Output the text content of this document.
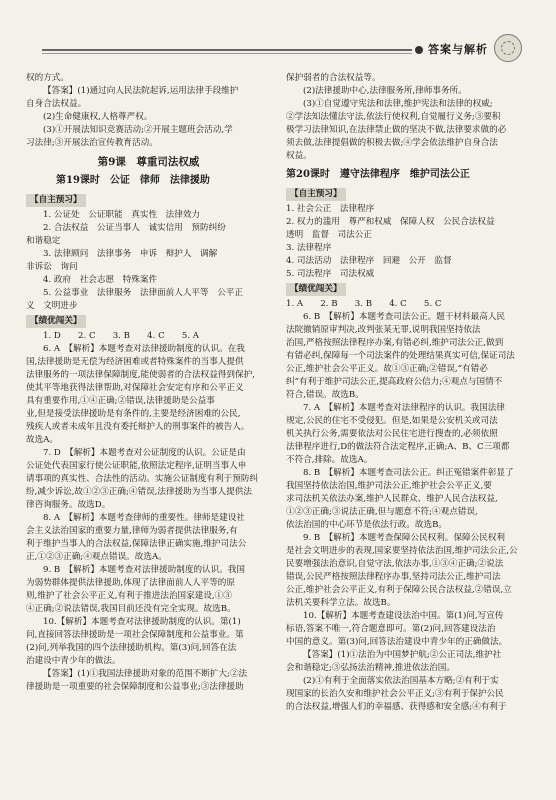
答案与解析
权的方式。
【答案】(1)通过向人民法院起诉,运用法律手段维护
自身合法权益。
(2)生命健康权,人格尊严权。
(3)①开展法知识竞赛活动;②开展主题班会活动,学
习法律;③开展法治宣传教育活动。
第9课　尊重司法权威
第19课时　公证　律师　法律援助
【自主预习】
1. 公证处　公证职能　真实性　法律效力
2. 合法权益　公证当事人　诚实信用　预防纠纷
和谐稳定
3. 法律顾问　法律事务　申诉　辩护人　调解
非诉讼　询问
4. 政府　社会志愿　特殊案件
5. 公益事业　法律服务　法律面前人人平等　公平正
义　文明进步
【绩优闯关】
1. D　　2. C　　3. B　　4. C　　5. A
6. A　【解析】本题考查对法律援助制度的认识。在我
国,法律援助是无偿为经济困难或者特殊案件的当事人提供
法律服务的一项法律保障制度,能使弱者的合法权益得到保护,
使其平等地获得法律帮助,对保障社会安定有序和公平正义
具有重要作用,①④正确;②错误,法律援助是公益事
业,但是接受法律援助是有条件的,主要是经济困难的公民,
残疾人或者未成年且没有委托辩护人的刑事案件的被告人。
故选A。
7. D　【解析】本题考查对公证制度的认识。公证是由
公证处代表国家行使公证职能,依照法定程序,证明当事人申
请事项的真实性、合法性的活动。实施公证制度有利于预防纠
纷,减少诉讼,故①②③正确;④错误,法律援助为当事人提供法
律咨询服务。故选D。
8. A　【解析】本题考查律师的重要性。律师是建设社
会主义法治国家的重要力量,律师为弱者提供法律服务,有
利于维护当事人的合法权益,保障法律正确实施,维护司法公
正,①②③正确;④观点错误。故选A。
9. B　【解析】本题考查对法律援助制度的认识。我国
为弱势群体提供法律援助,体现了法律面前人人平等的原
则,维护了社会公平正义,有利于推进法治国家建设,①③
④正确;②说法错误,我国目前还没有完全实现。故选B。
10.【解析】本题考查对法律援助制度的认识。第(1)
问,直接回答法律援助是一项社会保障制度和公益事业。第
(2)问,列举我国的四个法律援助机构。第(3)问,回答在法
治建设中青少年的做法。
【答案】(1)①我国法律援助对象的范围不断扩大;②法
律援助是一项重要的社会保障制度和公益事业;③法律援助
保护弱者的合法权益等。
(2)法律援助中心,法律服务所,律师事务所。
(3)①自觉遵守宪法和法律,维护宪法和法律的权威;
②学法知法懂法守法,依法行使权利,自觉履行义务;③要积
极学习法律知识,在法律禁止做的坚决不做,法律要求做的必
须去做,法律提倡做的积极去做;④学会依法维护自身合法
权益。
第20课时　遵守法律程序　维护司法公正
【自主预习】
1. 社会公正　法律程序
2. 权力的滥用　尊严和权威　保障人权　公民合法权益
透明　监督　司法公正
3. 法律程序
4. 司法活动　法律程序　回避　公开　监督
5. 司法程序　司法权威
【绩优闯关】
1. A　　2. B　　3. B　　4. C　　5. C
6. B　【解析】本题考查司法公正。题干材料最高人民
法院撤销原审判决,改判张某无罪,说明我国坚持依法
治国,严格按照法律程序办案,有错必纠,维护司法公正,做到
有错必纠,保障每一个司法案件的处理结果真实可信,保证司法
公正,维护社会公平正义。故①③正确;②错误,“有错必
纠”有利于维护司法公正,提高政府公信力;④观点与国情不
符合,错误。故选B。
7. A　【解析】本题考查对法律程序的认识。我国法律
规定,公民的住宅不受侵犯。但是,如果是公安机关或司法
机关执行公务,需要依法对公民住宅进行搜查的,必须依照
法律程序进行,D的做法符合法定程序,正确;A、B、C三项都
不符合,排除。故选A。
8. B　【解析】本题考查司法公正。纠正冤错案件彰显了
我国坚持依法治国,维护司法公正,维护社会公平正义,要
求司法机关依法办案,维护人民群众、维护人民合法权益,
①②③正确;③说法正确,但与题意不符;④观点错误,
依法治国的中心环节是依法行政。故选B。
9. B　【解析】本题考查保障公民权利。保障公民权利
是社会文明进步的表现,国家要坚持依法治国,维护司法公正,公
民要增强法治意识,自觉守法,依法办事,①③④正确;②说法
错误,公民严格按照法律程序办事,坚持司法公正,维护司法
公正,维护社会公平正义,有利于保障公民合法权益,②错误,立
法机关要科学立法。故选B。
10.【解析】本题考查建设法治中国。第(1)问,写宣传
标语,答案不唯一,符合题意即可。第(2)问,回答建设法治
中国的意义。第(3)问,回答法治建设中青少年的正确做法。
【答案】(1)①法治为中国梦护航;②公正司法,维护社
会和谐稳定;③弘扬法治精神,推进依法治国。
(2)①有利于全面落实依法治国基本方略;②有利于实
现国家的长治久安和维护社会公平正义;③有利于保护公民
的合法权益,增强人们的幸福感、获得感和安全感;④有利于
